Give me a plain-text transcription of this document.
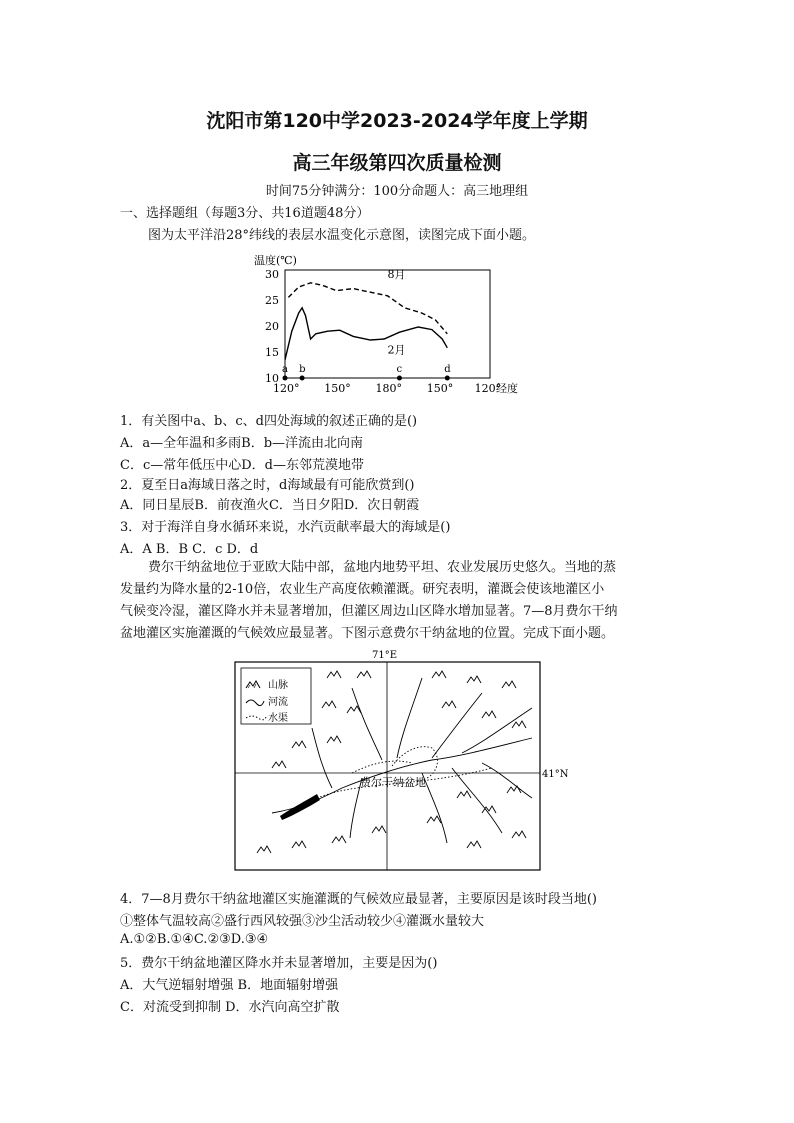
沈阳市第120中学2023-2024学年度上学期
高三年级第四次质量检测
时间75分钟满分：100分命题人：高三地理组
一、选择题组（每题3分、共16道题48分）
图为太平洋沿28°纬线的表层水温变化示意图，读图完成下面小题。
温度(℃)
30
25
20
15
10
120° 150° 180° 150° 120°
经度
8月
2月
a b	c	d
1．有关图中a、b、c、d四处海域的叙述正确的是()
A．a—全年温和多雨B．b—洋流由北向南
C．c—常年低压中心D．d—东邻荒漠地带
2．夏至日a海域日落之时，d海域最有可能欣赏到()
A．同日星辰B．前夜渔火C．当日夕阳D．次日朝霞
3．对于海洋自身水循环来说，水汽贡献率最大的海域是()
A．A B．B C．c D．d
费尔干纳盆地位于亚欧大陆中部，盆地内地势平坦、农业发展历史悠久。当地的蒸
发量约为降水量的2-10倍，农业生产高度依赖灌溉。研究表明，灌溉会使该地灌区小
气候变冷湿，灌区降水并未显著增加，但灌区周边山区降水增加显著。7—8月费尔干纳
盆地灌区实施灌溉的气候效应最显著。下图示意费尔干纳盆地的位置。完成下面小题。
71°E
41°N
山脉
河流
水渠
费尔干纳盆地
4．7—8月费尔干纳盆地灌区实施灌溉的气候效应最显著，主要原因是该时段当地()
①整体气温较高②盛行西风较强③沙尘活动较少④灌溉水量较大
A.①②B.①④C.②③D.③④
5．费尔干纳盆地灌区降水并未显著增加，主要是因为()
A．大气逆辐射增强 B．地面辐射增强
C．对流受到抑制 D．水汽向高空扩散
